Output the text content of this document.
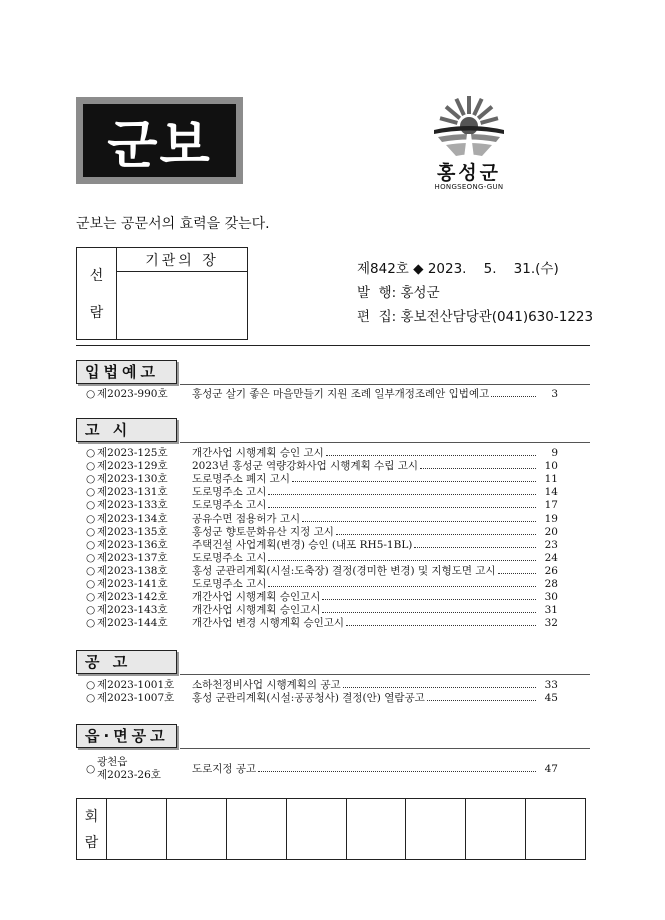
군보	홍성군
HONGSEONG-GUN
군보는 공문서의 효력을 갖는다.
선
람
기관의 장
제842호 ◆ 2023.    5.    31.(수)
발  행: 홍성군
편  집: 홍보전산담당관(041)630-1223
입법예고
○ 제2023-990호 홍성군 살기 좋은 마을만들기 지원 조례 일부개정조례안 입법예고	3
고 시
○ 제2023-125호 개간사업 시행계획 승인 고시	9
○ 제2023-129호 2023년 홍성군 역량강화사업 시행계획 수립 고시	10
○ 제2023-130호 도로명주소 폐지 고시	11
○ 제2023-131호 도로명주소 고시	14
○ 제2023-133호 도로명주소 고시	17
○ 제2023-134호 공유수면 점용허가 고시	19
○ 제2023-135호 홍성군 향토문화유산 지정 고시	20
○ 제2023-136호 주택건설 사업계획(변경) 승인 (내포 RH5-1BL)	23
○ 제2023-137호 도로명주소 고시	24
○ 제2023-138호 홍성 군관리계획(시설:도축장) 결정(경미한 변경) 및 지형도면 고시	26
○ 제2023-141호 도로명주소 고시	28
○ 제2023-142호 개간사업 시행계획 승인고시	30
○ 제2023-143호 개간사업 시행계획 승인고시	31
○ 제2023-144호 개간사업 변경 시행계획 승인고시	32
공 고
○ 제2023-1001호 소하천정비사업 시행계획의 공고	33
○ 제2023-1007호 홍성 군관리계획(시설:공공청사) 결정(안) 열람공고	45
읍·면공고
○
광천읍
제2023-26호	도로지정 공고	47
회
람
